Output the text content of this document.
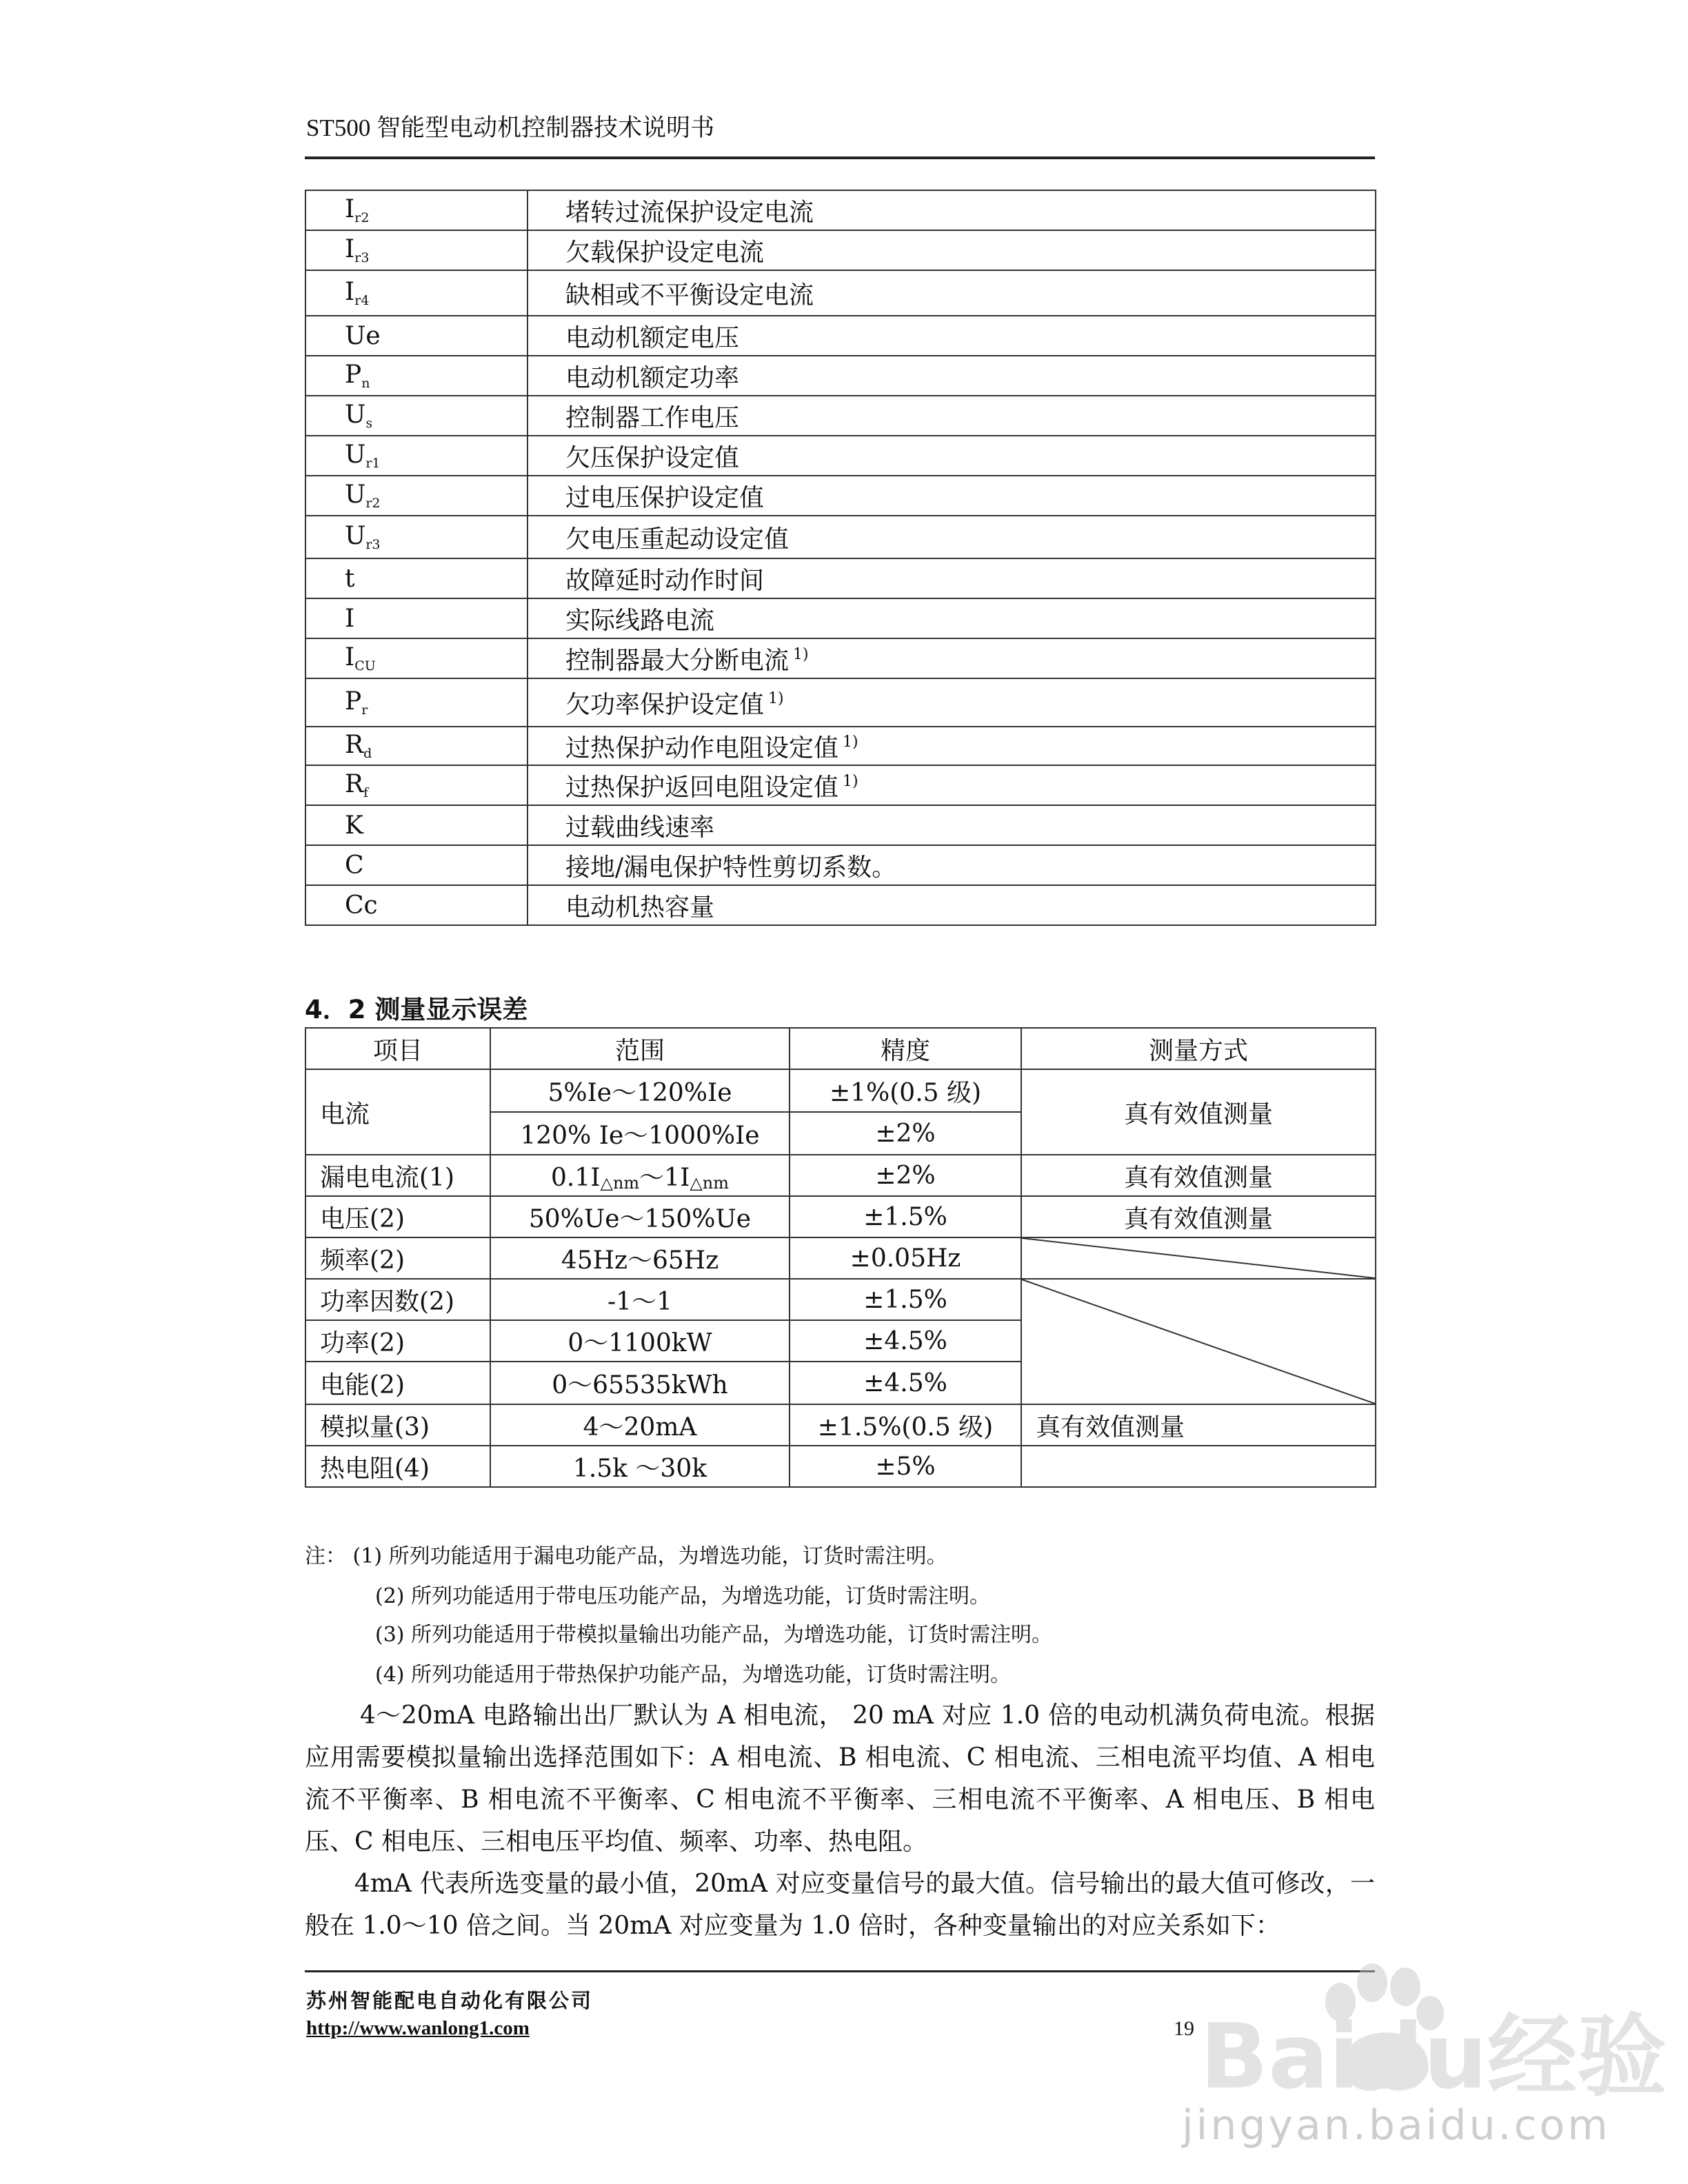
ST500 智能型电动机控制器技术说明书
$I_{r2}$	堵转过流保护设定电流
$I_{r3}$	欠载保护设定电流
$I_{r4}$	缺相或不平衡设定电流
Ue	电动机额定电压
$P_n$	电动机额定功率
$U_s$	控制器工作电压
$U_{r1}$	欠压保护设定值
$U_{r2}$	过电压保护设定值
$U_{r3}$	欠电压重起动设定值
t	故障延时动作时间
I	实际线路电流
$I_{CU}$	控制器最大分断电流 $^{1)}$
$P_r$	欠功率保护设定值 $^{1)}$
$R_d$	过热保护动作电阻设定值 $^{1)}$
$R_f$	过热保护返回电阻设定值 $^{1)}$
K	过载曲线速率
C	接地/漏电保护特性剪切系数。
Cc	电动机热容量
4．2 测量显示误差
项目	范围	精度	测量方式
电流	5%Ie～120%Ie	±1%(0.5 级)	真有效值测量
	120% Ie～1000%Ie	±2%	
漏电电流(1)	$0.1I_{\triangle nm}\sim 1I_{\triangle nm}$	±2%	真有效值测量
电压(2)	50%Ue～150%Ue	±1.5%	真有效值测量
频率(2)	45Hz～65Hz	±0.05Hz	

功率因数(2)	-1～1	±1.5%	

功率(2)	0～1100kW	±4.5%	
电能(2)	0～65535kWh	±4.5%	
模拟量(3)	4～20mA	±1.5%(0.5 级)	真有效值测量
热电阻(4)	1.5k ～30k	±5%	
注： (1) 所列功能适用于漏电功能产品，为增选功能，订货时需注明。
(2) 所列功能适用于带电压功能产品，为增选功能，订货时需注明。
(3) 所列功能适用于带模拟量输出功能产品，为增选功能，订货时需注明。
(4) 所列功能适用于带热保护功能产品，为增选功能，订货时需注明。
4～20mA 电路输出出厂默认为 A 相电流， 20 mA 对应 1.0 倍的电动机满负荷电流。根据应用需要模拟量输出选择范围如下：A 相电流、B 相电流、C 相电流、三相电流平均值、A 相电流不平衡率、B 相电流不平衡率、C 相电流不平衡率、三相电流不平衡率、A 相电压、B 相电压、C 相电压、三相电压平均值、频率、功率、热电阻。
4mA 代表所选变量的最小值，20mA 对应变量信号的最大值。信号输出的最大值可修改，一般在 1.0～10 倍之间。当 20mA 对应变量为 1.0 倍时，各种变量输出的对应关系如下：
苏州智能配电自动化有限公司
http://www.wanlong1.com	19 Baidu经验
jingyan.baidu.com
